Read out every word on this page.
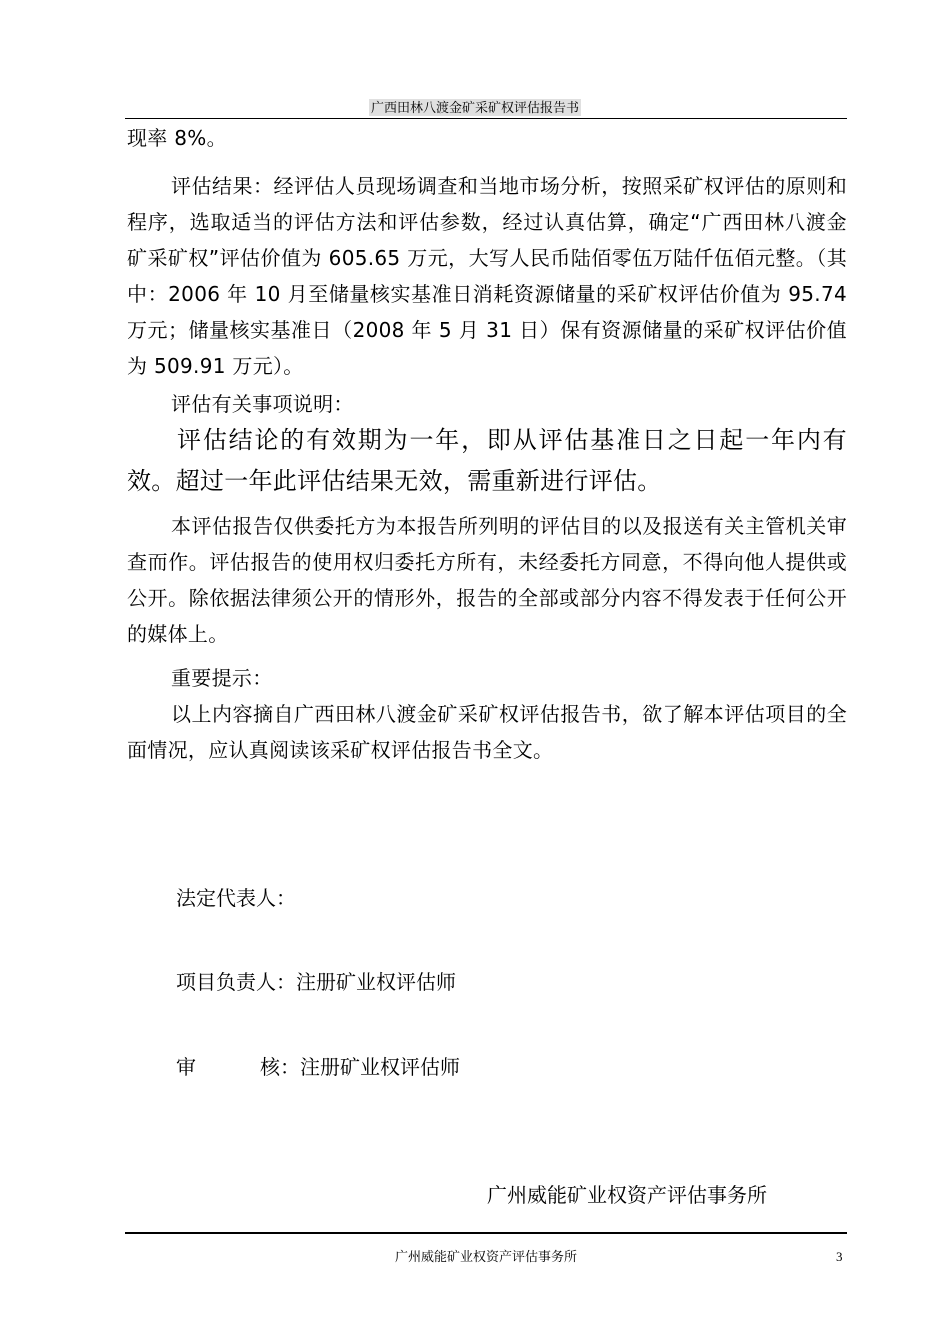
广西田林八渡金矿采矿权评估报告书

现率 8%。

评估结果：经评估人员现场调查和当地市场分析，按照采矿权评估的原则和程序，选取适当的评估方法和评估参数，经过认真估算，确定“广西田林八渡金矿采矿权”评估价值为 605.65 万元，大写人民币陆佰零伍万陆仟伍佰元整。（其中：2006 年 10 月至储量核实基准日消耗资源储量的采矿权评估价值为 95.74 万元；储量核实基准日（2008 年 5 月 31 日）保有资源储量的采矿权评估价值为 509.91 万元）。

评估有关事项说明：

评估结论的有效期为一年，即从评估基准日之日起一年内有效。超过一年此评估结果无效，需重新进行评估。

本评估报告仅供委托方为本报告所列明的评估目的以及报送有关主管机关审查而作。评估报告的使用权归委托方所有，未经委托方同意，不得向他人提供或公开。除依据法律须公开的情形外，报告的全部或部分内容不得发表于任何公开的媒体上。

重要提示：

以上内容摘自广西田林八渡金矿采矿权评估报告书，欲了解本评估项目的全面情况，应认真阅读该采矿权评估报告书全文。

法定代表人：
项目负责人：注册矿业权评估师
审	核：注册矿业权评估师
广州威能矿业权资产评估事务所
广州威能矿业权资产评估事务所	3
